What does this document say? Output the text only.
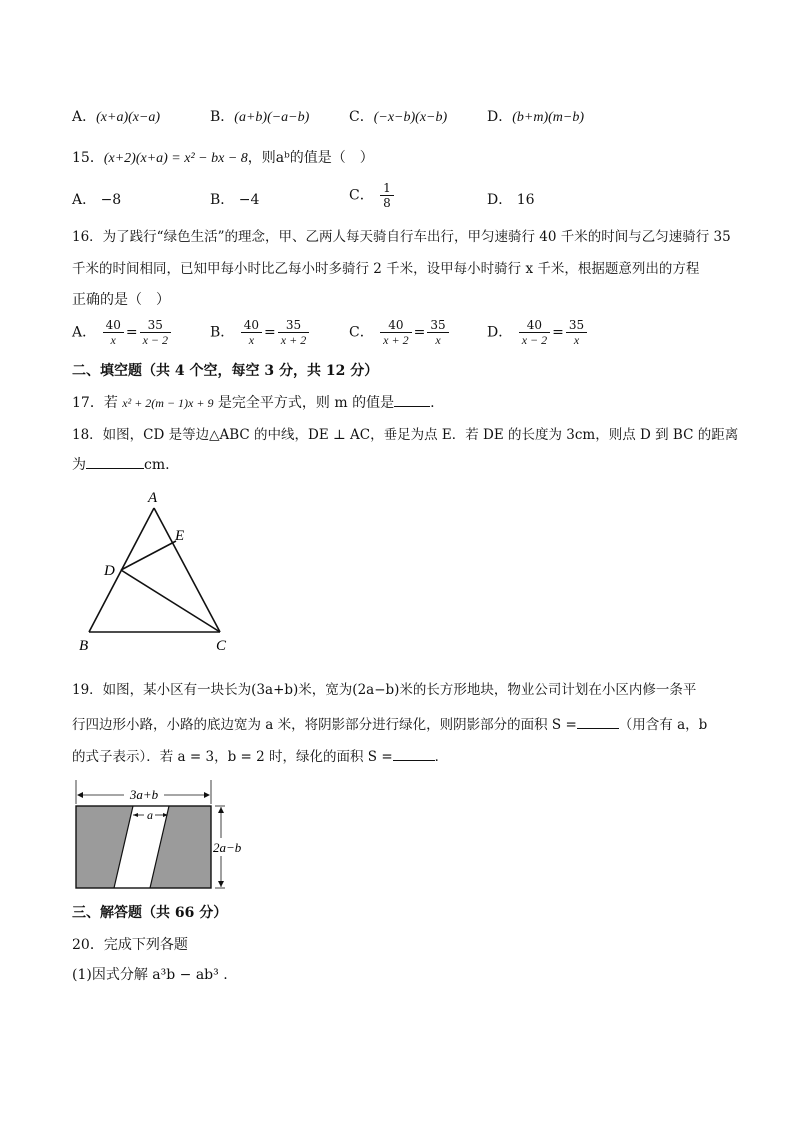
A．(x+a)(x−a)	B．(a+b)(−a−b)	C．(−x−b)(x−b)	D．(b+m)(m−b)
15．(x+2)(x+a) = x² − bx − 8，则aᵇ的值是（　）
A． −8	B． −4	C． $\frac{1}{8}$	D． 16
16．为了践行“绿色生活”的理念，甲、乙两人每天骑自行车出行，甲匀速骑行 40 千米的时间与乙匀速骑行 35
千米的时间相同，已知甲每小时比乙每小时多骑行 2 千米，设甲每小时骑行 x 千米，根据题意列出的方程
正确的是（　）
A． $\frac{40}{x} = \frac{35}{x - 2}$	B． $\frac{40}{x} = \frac{35}{x + 2}$	C． $\frac{40}{x + 2} = \frac{35}{x}$	D． $\frac{40}{x - 2} = \frac{35}{x}$
二、填空题（共 4 个空，每空 3 分，共 12 分）
17．若 x² + 2(m − 1)x + 9 是完全平方式，则 m 的值是	.
18．如图，CD 是等边△ABC 的中线，DE ⊥ AC，垂足为点 E．若 DE 的长度为 3cm，则点 D 到 BC 的距离
为	cm.
A
E
D
B	C
19．如图，某小区有一块长为(3a+b)米，宽为(2a−b)米的长方形地块，物业公司计划在小区内修一条平
行四边形小路，小路的底边宽为 a 米，将阴影部分进行绿化，则阴影部分的面积 S =	（用含有 a，b
的式子表示）．若 a = 3，b = 2 时，绿化的面积 S =	．
3a+b
a
2a−b
三、解答题（共 66 分）
20．完成下列各题
(1)因式分解 a³b − ab³ .
